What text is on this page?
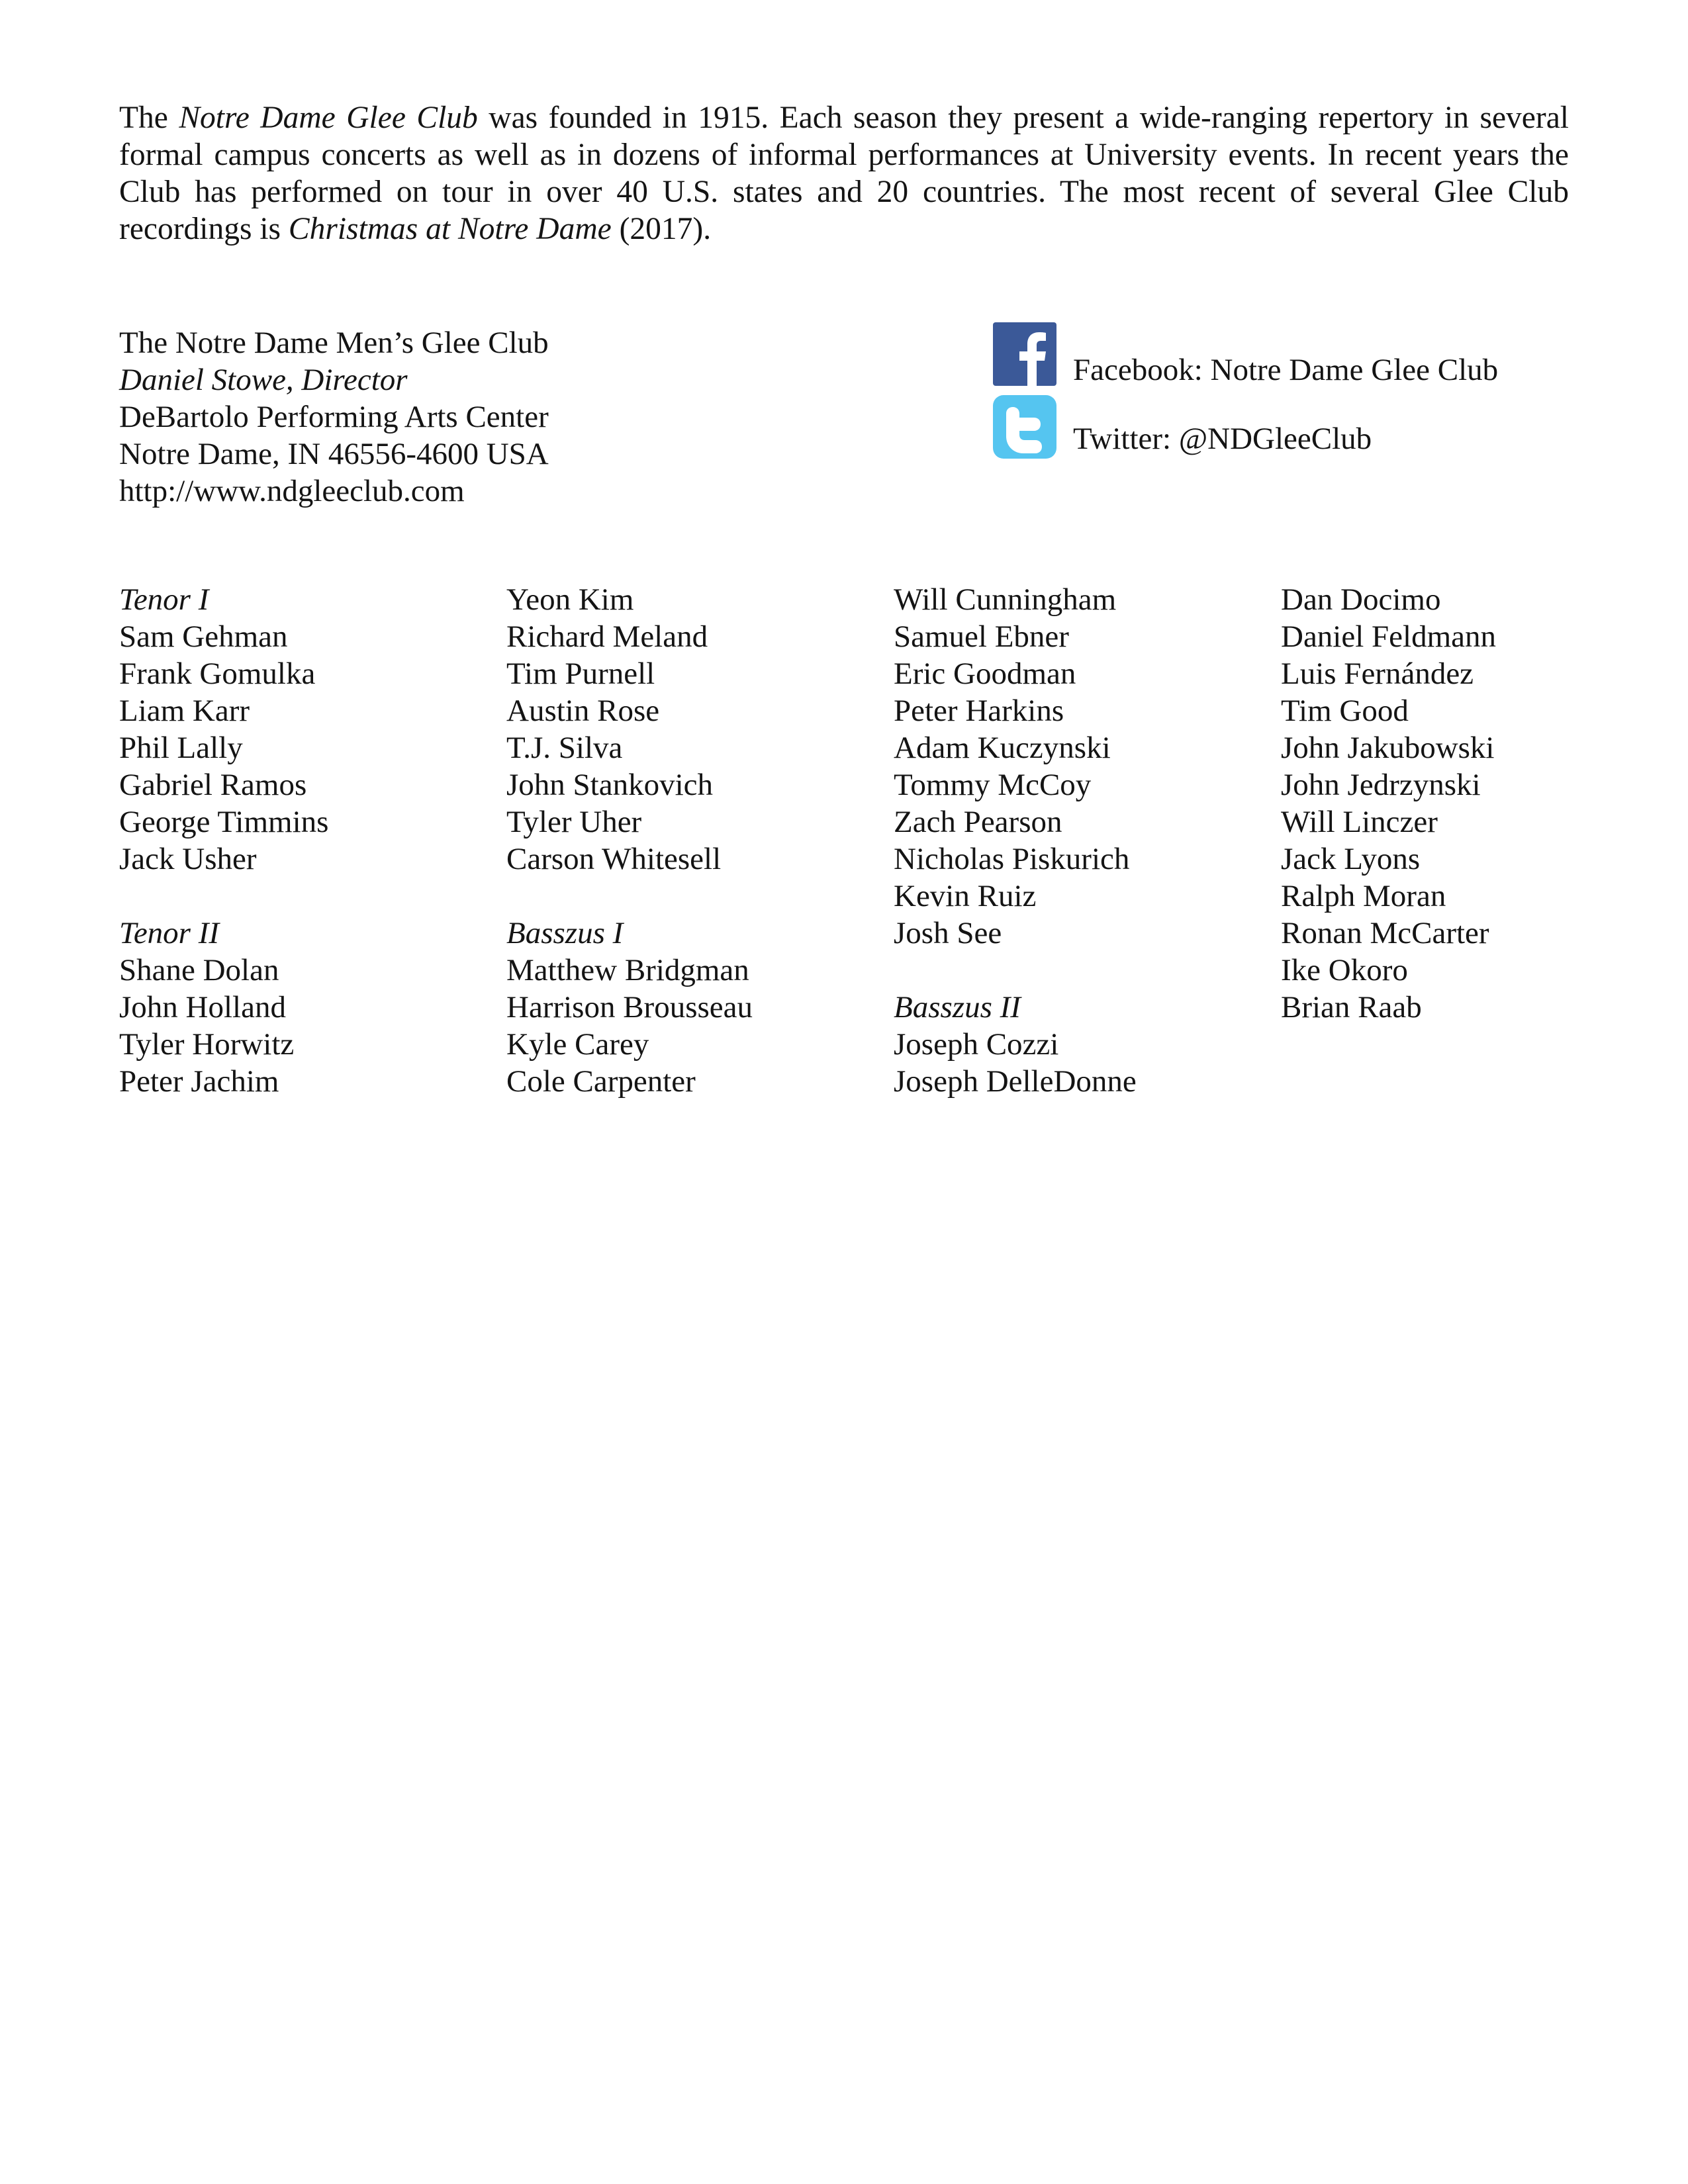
The Notre Dame Glee Club was founded in 1915. Each season they present a wide-ranging repertory in several formal campus concerts as well as in dozens of informal performances at University events. In recent years the Club has performed on tour in over 40 U.S. states and 20 countries. The most recent of several Glee Club recordings is Christmas at Notre Dame (2017).

The Notre Dame Men’s Glee Club
Daniel Stowe, Director
DeBartolo Performing Arts Center
Notre Dame, IN 46556-4600 USA
http://www.ndgleeclub.com
Facebook: Notre Dame Glee Club
Twitter: @NDGleeClub
Tenor I
Sam Gehman
Frank Gomulka
Liam Karr
Phil Lally
Gabriel Ramos
George Timmins
Jack Usher
Tenor II
Shane Dolan
John Holland
Tyler Horwitz
Peter Jachim
Yeon Kim
Richard Meland
Tim Purnell
Austin Rose
T.J. Silva
John Stankovich
Tyler Uher
Carson Whitesell
Basszus I
Matthew Bridgman
Harrison Brousseau
Kyle Carey
Cole Carpenter
Will Cunningham
Samuel Ebner
Eric Goodman
Peter Harkins
Adam Kuczynski
Tommy McCoy
Zach Pearson
Nicholas Piskurich
Kevin Ruiz
Josh See
Basszus II
Joseph Cozzi
Joseph DelleDonne
Dan Docimo
Daniel Feldmann
Luis Fernández
Tim Good
John Jakubowski
John Jedrzynski
Will Linczer
Jack Lyons
Ralph Moran
Ronan McCarter
Ike Okoro
Brian Raab
